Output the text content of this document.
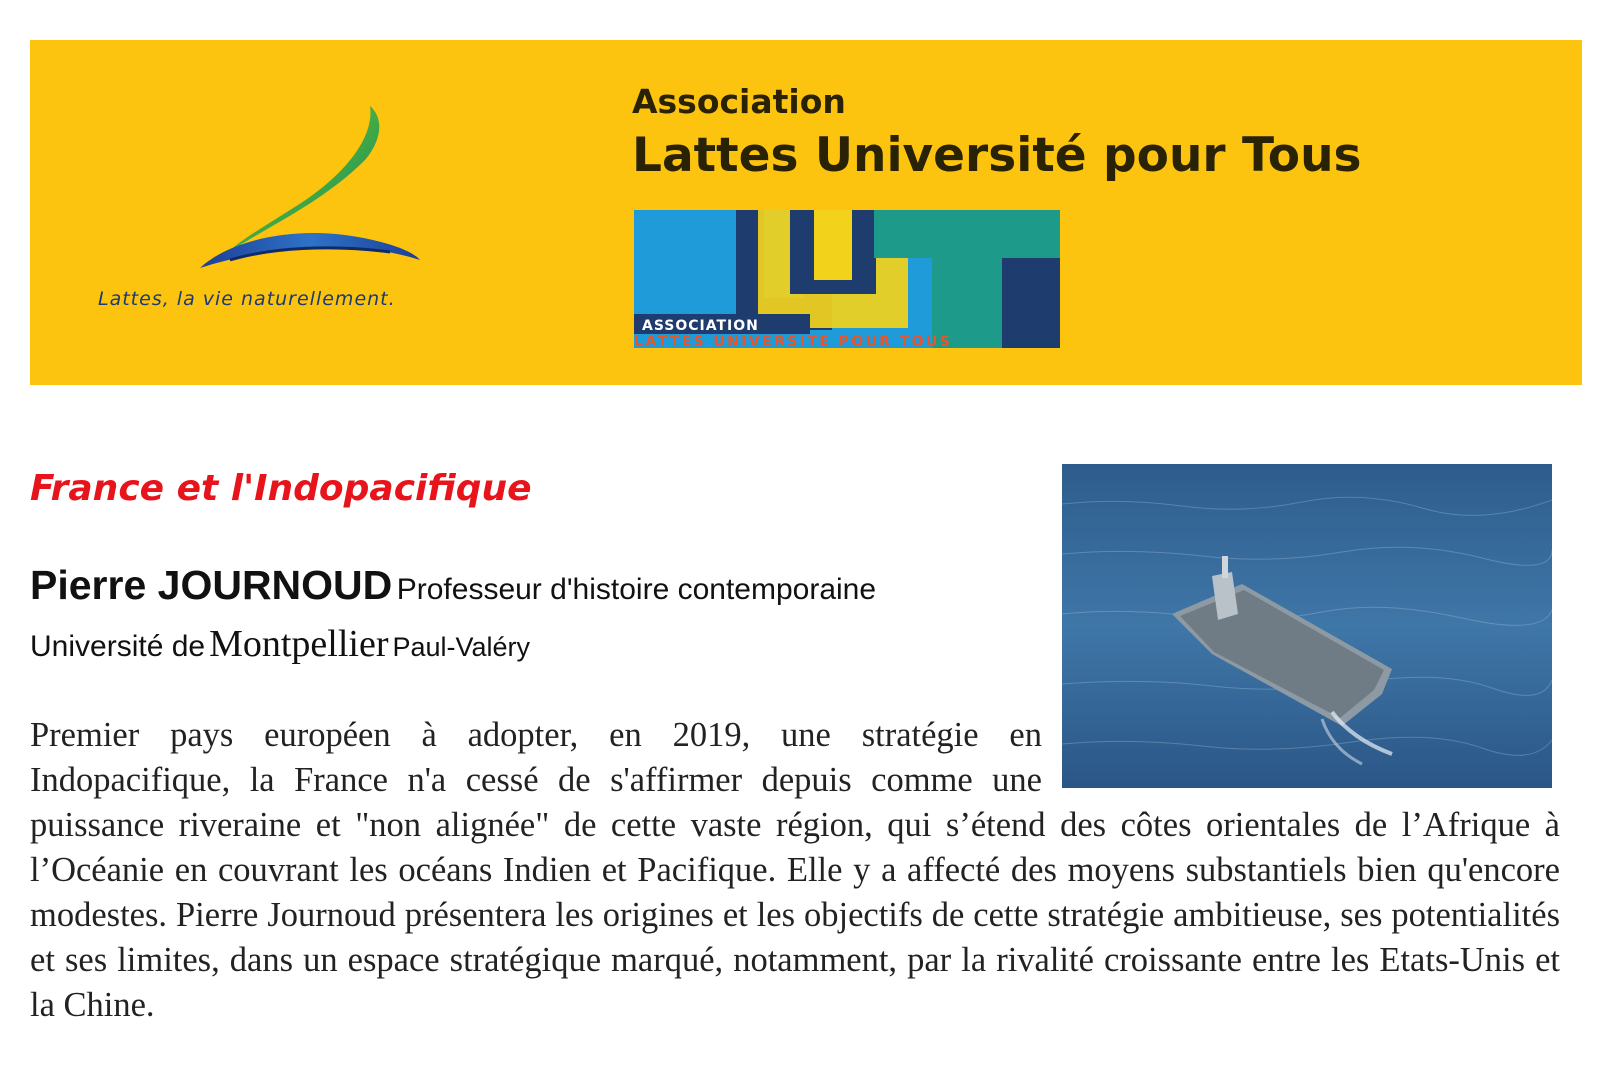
Lattes, la vie naturellement.
Association
Lattes Université pour Tous
ASSOCIATION
LATTES UNIVERSITE POUR TOUS
France et l'Indopacifique
Pierre JOURNOUD Professeur d'histoire contemporaine
Université de Montpellier Paul-Valéry

Premier pays européen à adopter, en 2019, une stratégie en Indopacifique, la France n'a cessé de s'affirmer depuis comme une puissance riveraine et "non alignée" de cette vaste région, qui s’étend des côtes orientales de l’Afrique à l’Océanie en couvrant les océans Indien et Pacifique. Elle y a affecté des moyens substantiels bien qu'encore modestes. Pierre Journoud présentera les origines et les objectifs de cette stratégie ambitieuse, ses potentialités et ses limites, dans un espace stratégique marqué, notamment, par la rivalité croissante entre les Etats-Unis et la Chine.
